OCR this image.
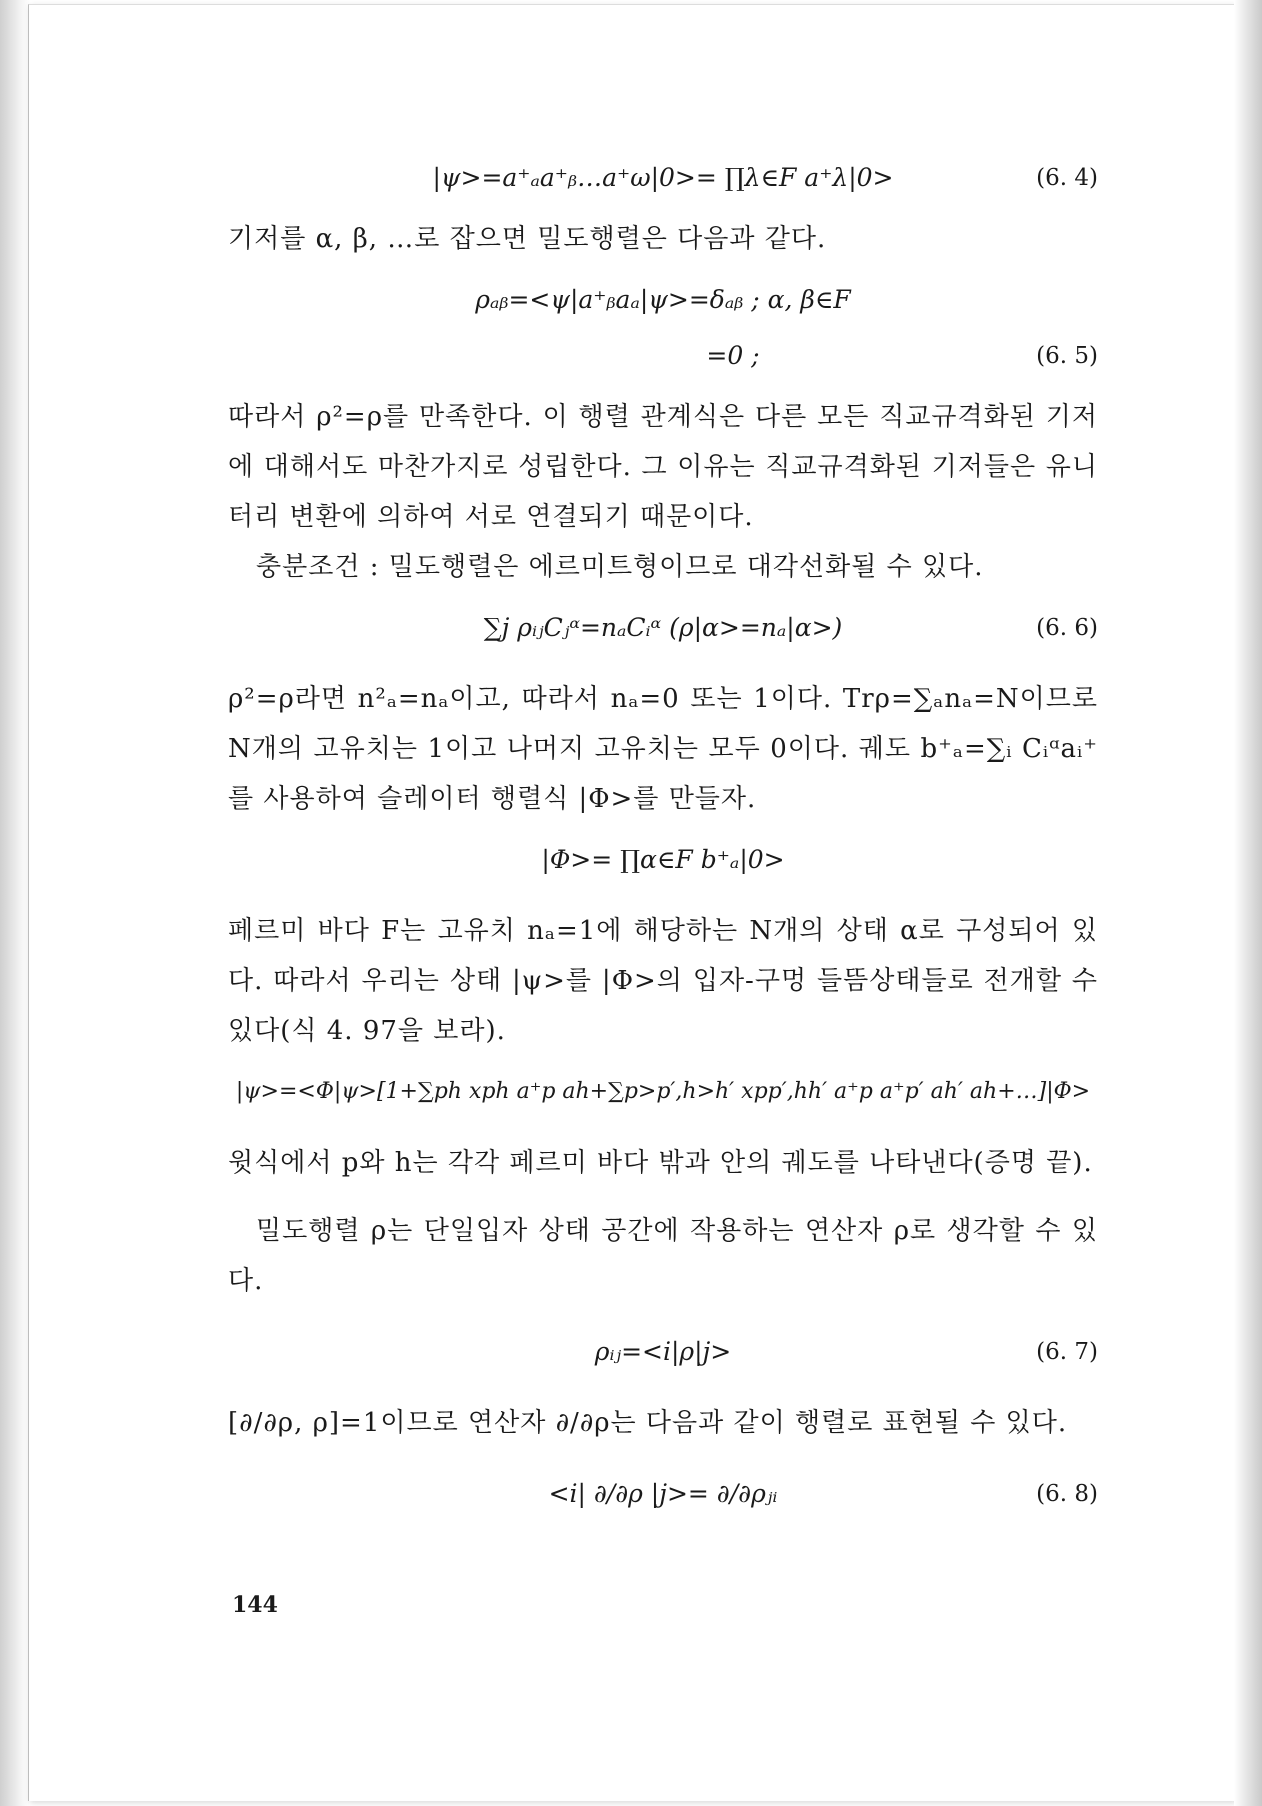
|ψ>=a⁺ₐa⁺ᵦ…a⁺ω|0>= ∏λ∈F a⁺λ|0>	(6. 4)

기저를 α, β, …로 잡으면 밀도행렬은 다음과 같다.

ρₐᵦ=<ψ|a⁺ᵦaₐ|ψ>=δₐᵦ ; α, β∈F
=0 ;	(6. 5)

따라서 ρ²=ρ를 만족한다. 이 행렬 관계식은 다른 모든 직교규격화된 기저에 대해서도 마찬가지로 성립한다. 그 이유는 직교규격화된 기저들은 유니터리 변환에 의하여 서로 연결되기 때문이다.

충분조건 : 밀도행렬은 에르미트형이므로 대각선화될 수 있다.

∑j ρᵢⱼCⱼᵅ=nₐCᵢᵅ (ρ|α>=nₐ|α>)	(6. 6)

ρ²=ρ라면 n²ₐ=nₐ이고, 따라서 nₐ=0 또는 1이다. Trρ=∑ₐnₐ=N이므로 N개의 고유치는 1이고 나머지 고유치는 모두 0이다. 궤도 b⁺ₐ=∑ᵢ Cᵢᵅaᵢ⁺를 사용하여 슬레이터 행렬식 |Φ>를 만들자.

|Φ>= ∏α∈F b⁺ₐ|0>

페르미 바다 F는 고유치 nₐ=1에 해당하는 N개의 상태 α로 구성되어 있다. 따라서 우리는 상태 |ψ>를 |Φ>의 입자-구멍 들뜸상태들로 전개할 수 있다(식 4. 97을 보라).

|ψ>=<Φ|ψ>[1+∑ph xph a⁺p ah+∑p>p′,h>h′ xpp′,hh′ a⁺p a⁺p′ ah′ ah+…]|Φ>

윗식에서 p와 h는 각각 페르미 바다 밖과 안의 궤도를 나타낸다(증명 끝).

밀도행렬 ρ는 단일입자 상태 공간에 작용하는 연산자 ρ로 생각할 수 있다.

ρᵢⱼ=<i|ρ|j>	(6. 7)

[∂/∂ρ, ρ]=1이므로 연산자 ∂/∂ρ는 다음과 같이 행렬로 표현될 수 있다.

<i| ∂/∂ρ |j>= ∂/∂ρⱼᵢ	(6. 8)
144
